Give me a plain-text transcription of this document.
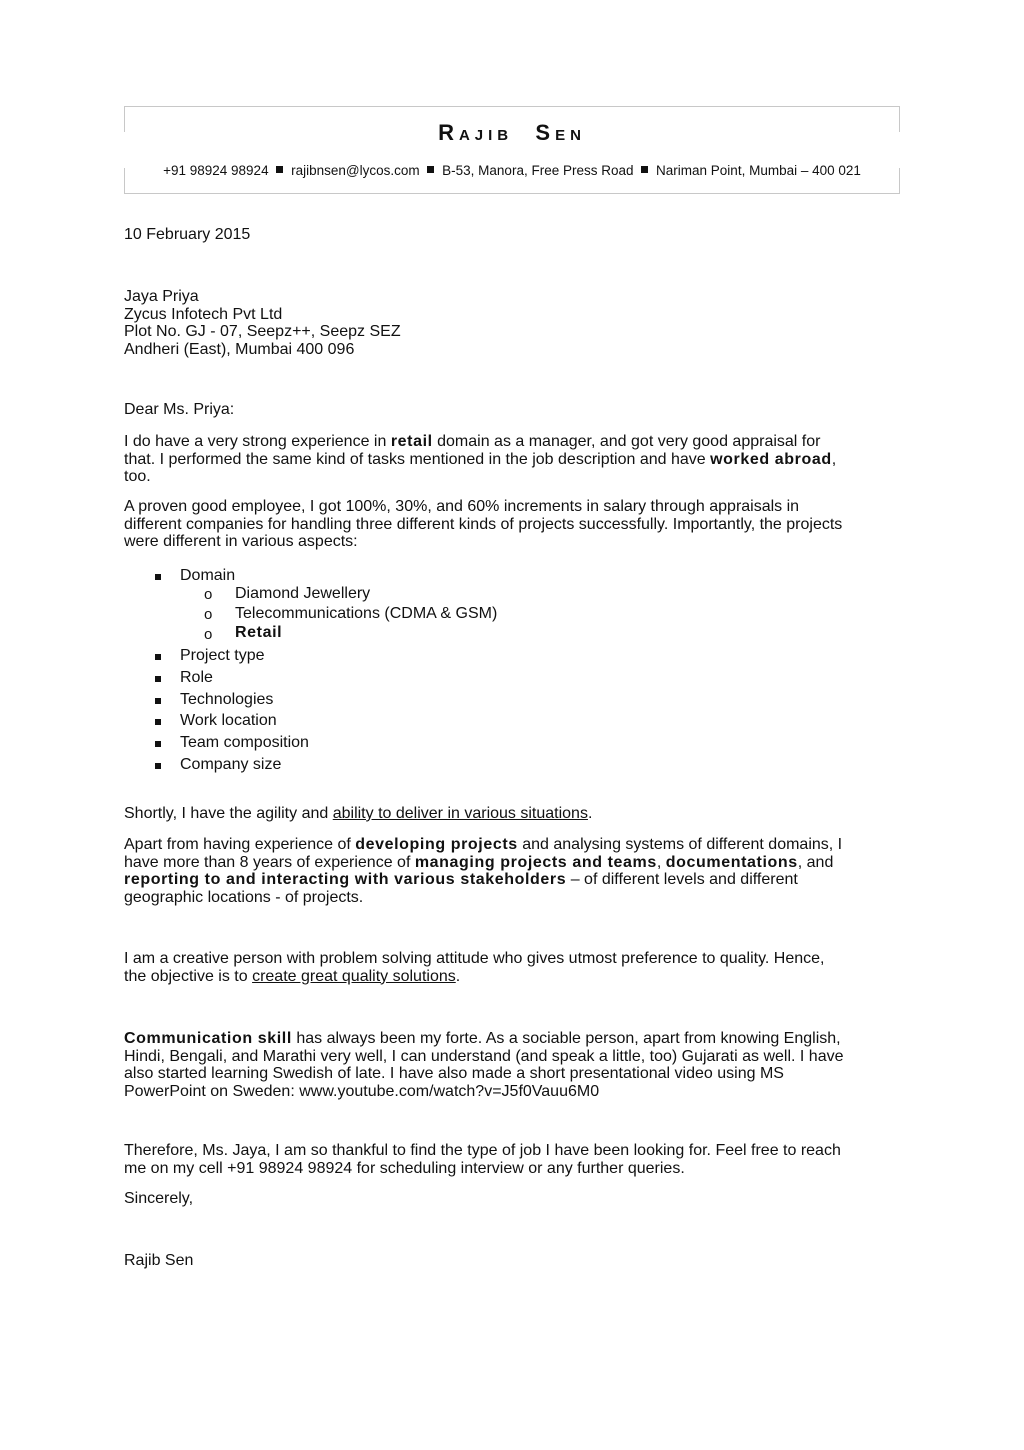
RAJIB SEN
+91 98924 98924 rajibnsen@lycos.com B-53, Manora, Free Press Road Nariman Point, Mumbai – 400 021
10 February 2015
Jaya Priya
Zycus Infotech Pvt Ltd
Plot No. GJ - 07, Seepz++, Seepz SEZ
Andheri (East), Mumbai 400 096
Dear Ms. Priya:
I do have a very strong experience in retail domain as a manager, and got very good appraisal for
that. I performed the same kind of tasks mentioned in the job description and have worked abroad,
too.
A proven good employee, I got 100%, 30%, and 60% increments in salary through appraisals in
different companies for handling three different kinds of projects successfully. Importantly, the projects
were different in various aspects:
Domain
o Diamond Jewellery
o Telecommunications (CDMA & GSM)
o Retail
Project type
Role
Technologies
Work location
Team composition
Company size
Shortly, I have the agility and ability to deliver in various situations.
Apart from having experience of developing projects and analysing systems of different domains, I
have more than 8 years of experience of managing projects and teams, documentations, and
reporting to and interacting with various stakeholders – of different levels and different
geographic locations - of projects.
I am a creative person with problem solving attitude who gives utmost preference to quality. Hence,
the objective is to create great quality solutions.
Communication skill has always been my forte. As a sociable person, apart from knowing English,
Hindi, Bengali, and Marathi very well, I can understand (and speak a little, too) Gujarati as well. I have
also started learning Swedish of late. I have also made a short presentational video using MS
PowerPoint on Sweden: www.youtube.com/watch?v=J5f0Vauu6M0
Therefore, Ms. Jaya, I am so thankful to find the type of job I have been looking for. Feel free to reach
me on my cell +91 98924 98924 for scheduling interview or any further queries.
Sincerely,
Rajib Sen
